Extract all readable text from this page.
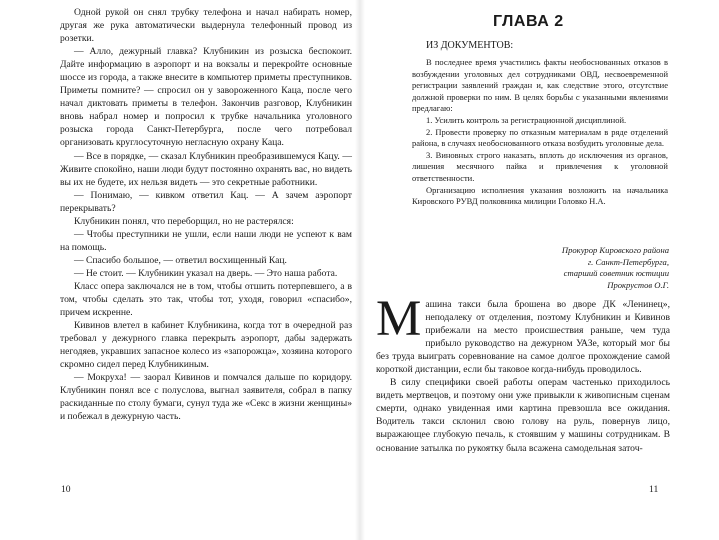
Одной рукой он снял трубку телефона и начал набирать номер, другая же рука автоматически выдернула телефонный провод из розетки.

— Алло, дежурный главка? Клубникин из розыска беспокоит. Дайте информацию в аэропорт и на вокзалы и перекройте основные шоссе из города, а также внесите в компьютер приметы преступников. Приметы помните? — спросил он у завороженного Каца, после чего начал диктовать приметы в телефон. Закончив разговор, Клубникин вновь набрал номер и попросил к трубке начальника уголовного розыска города Санкт-Петербурга, после чего потребовал организовать круглосуточную негласную охрану Каца.

— Все в порядке, — сказал Клубникин преобразившемуся Кацу. — Живите спокойно, наши люди будут постоянно охранять вас, но видеть вы их не будете, их нельзя видеть — это секретные работники.

— Понимаю, — кивком ответил Кац. — А зачем аэропорт перекрывать?

Клубникин понял, что переборщил, но не растерялся:

— Чтобы преступники не ушли, если наши люди не успеют к вам на помощь.

— Спасибо большое, — ответил восхищенный Кац.

— Не стоит. — Клубникин указал на дверь. — Это наша работа.

Класс опера заключался не в том, чтобы отшить потерпевшего, а в том, чтобы сделать это так, чтобы тот, уходя, говорил «спасибо», причем искренне.

Кивинов влетел в кабинет Клубникина, когда тот в очередной раз требовал у дежурного главка перекрыть аэропорт, дабы задержать негодяев, укравших запасное колесо из «запорожца», хозяина которого скромно сидел перед Клубникиным.

— Мокруха! — заорал Кивинов и помчался дальше по коридору. Клубникин понял все с полуслова, выгнал заявителя, собрал в папку раскиданные по столу бумаги, сунул туда же «Секс в жизни женщины» и побежал в дежурную часть.

10
ГЛАВА 2
ИЗ ДОКУМЕНТОВ:

В последнее время участились факты необоснованных отказов в возбуждении уголовных дел сотрудниками ОВД, несвоевременной регистрации заявлений граждан и, как следствие этого, отсутствие должной проверки по ним. В целях борьбы с указанными явлениями предлагаю:

1. Усилить контроль за регистрационной дисциплиной.

2. Провести проверку по отказным материалам в ряде отделений района, в случаях необоснованного отказа возбудить уголовные дела.

3. Виновных строго наказать, вплоть до исключения из органов, лишения месячного пайка и привлечения к уголовной ответственности.

Организацию исполнения указания возложить на начальника Кировского РУВД полковника милиции Головко Н.А.

Прокурор Кировского района
г. Санкт-Петербурга,
старший советник юстиции
Прокрустов О.Г.

Машина такси была брошена во дворе ДК «Ленинец», неподалеку от отделения, поэтому Клубникин и Кивинов прибежали на место происшествия раньше, чем туда прибыло руководство на дежурном УАЗе, который мог бы без труда выиграть соревнование на самое долгое прохождение самой короткой дистанции, если бы таковое когда-нибудь проводилось.

В силу специфики своей работы операм частенько приходилось видеть мертвецов, и поэтому они уже привыкли к живописным сценам смерти, однако увиденная ими картина превзошла все ожидания. Водитель такси склонил свою голову на руль, повернув лицо, выражающее глубокую печаль, к стоявшим у машины сотрудникам. В основание затылка по рукоятку была всажена самодельная заточ-

11
